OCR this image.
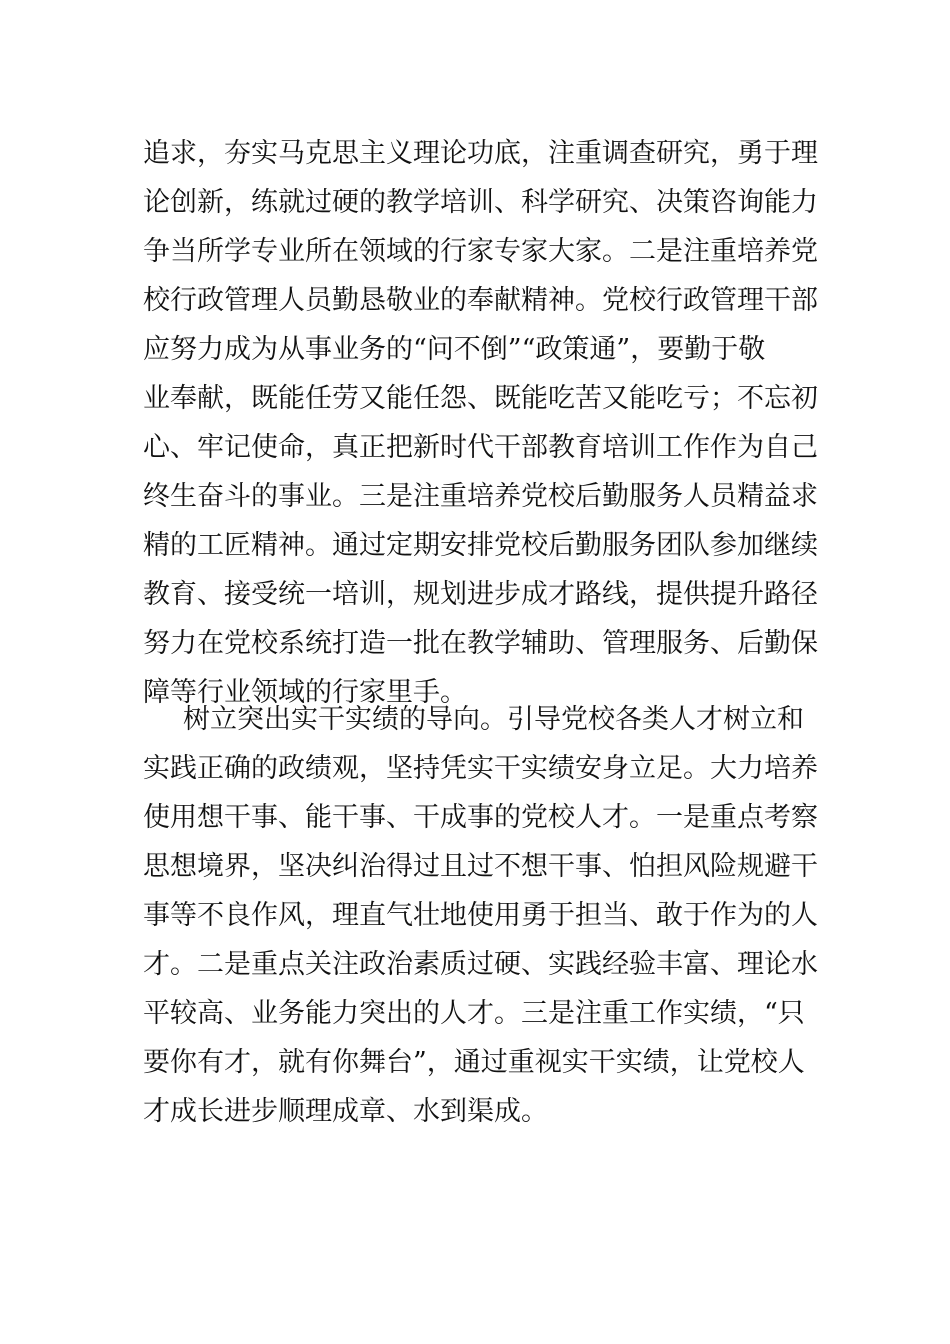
追求，夯实马克思主义理论功底，注重调查研究，勇于理
论创新，练就过硬的教学培训、科学研究、决策咨询能力
争当所学专业所在领域的行家专家大家。二是注重培养党
校行政管理人员勤恳敬业的奉献精神。党校行政管理干部
应努力成为从事业务的“问不倒”“政策通”，要勤于敬
业奉献，既能任劳又能任怨、既能吃苦又能吃亏；不忘初
心、牢记使命，真正把新时代干部教育培训工作作为自己
终生奋斗的事业。三是注重培养党校后勤服务人员精益求
精的工匠精神。通过定期安排党校后勤服务团队参加继续
教育、接受统一培训，规划进步成才路线，提供提升路径
努力在党校系统打造一批在教学辅助、管理服务、后勤保
障等行业领域的行家里手。
树立突出实干实绩的导向。引导党校各类人才树立和
实践正确的政绩观，坚持凭实干实绩安身立足。大力培养
使用想干事、能干事、干成事的党校人才。一是重点考察
思想境界，坚决纠治得过且过不想干事、怕担风险规避干
事等不良作风，理直气壮地使用勇于担当、敢于作为的人
才。二是重点关注政治素质过硬、实践经验丰富、理论水
平较高、业务能力突出的人才。三是注重工作实绩，“只
要你有才，就有你舞台”，通过重视实干实绩，让党校人
才成长进步顺理成章、水到渠成。
